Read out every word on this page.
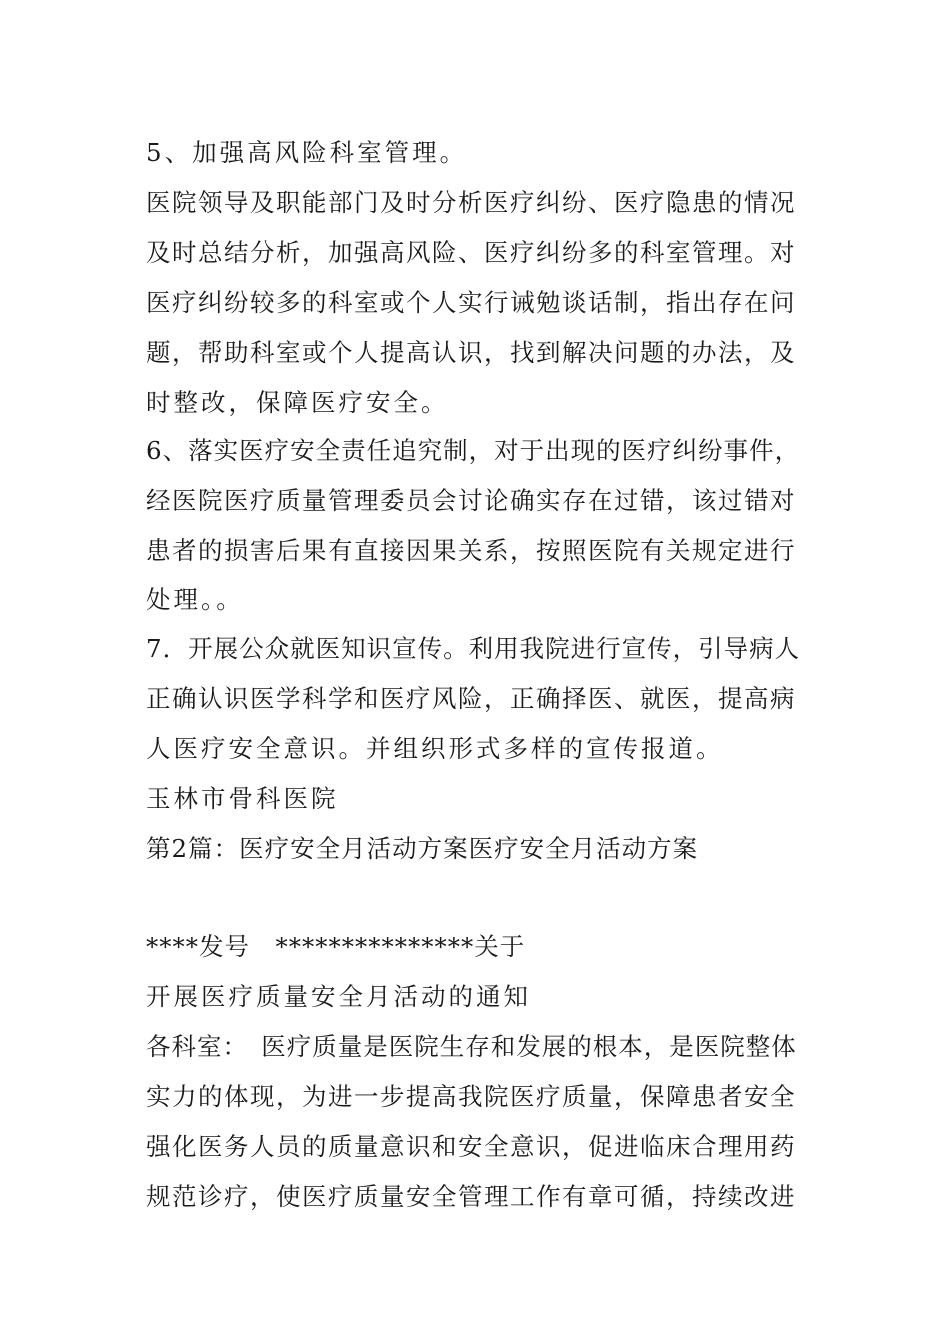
5、加强高风险科室管理。
医院领导及职能部门及时分析医疗纠纷、医疗隐患的情况
及时总结分析，加强高风险、医疗纠纷多的科室管理。对
医疗纠纷较多的科室或个人实行诫勉谈话制，指出存在问
题，帮助科室或个人提高认识，找到解决问题的办法，及
时整改，保障医疗安全。
6、落实医疗安全责任追究制，对于出现的医疗纠纷事件，
经医院医疗质量管理委员会讨论确实存在过错，该过错对
患者的损害后果有直接因果关系，按照医院有关规定进行
处理。。
7．开展公众就医知识宣传。利用我院进行宣传，引导病人
正确认识医学科学和医疗风险，正确择医、就医，提高病
人医疗安全意识。并组织形式多样的宣传报道。
玉林市骨科医院
第2篇：医疗安全月活动方案医疗安全月活动方案
****发号　***************关于
开展医疗质量安全月活动的通知
各科室：　医疗质量是医院生存和发展的根本，是医院整体
实力的体现，为进一步提高我院医疗质量，保障患者安全
强化医务人员的质量意识和安全意识，促进临床合理用药
规范诊疗，使医疗质量安全管理工作有章可循，持续改进
